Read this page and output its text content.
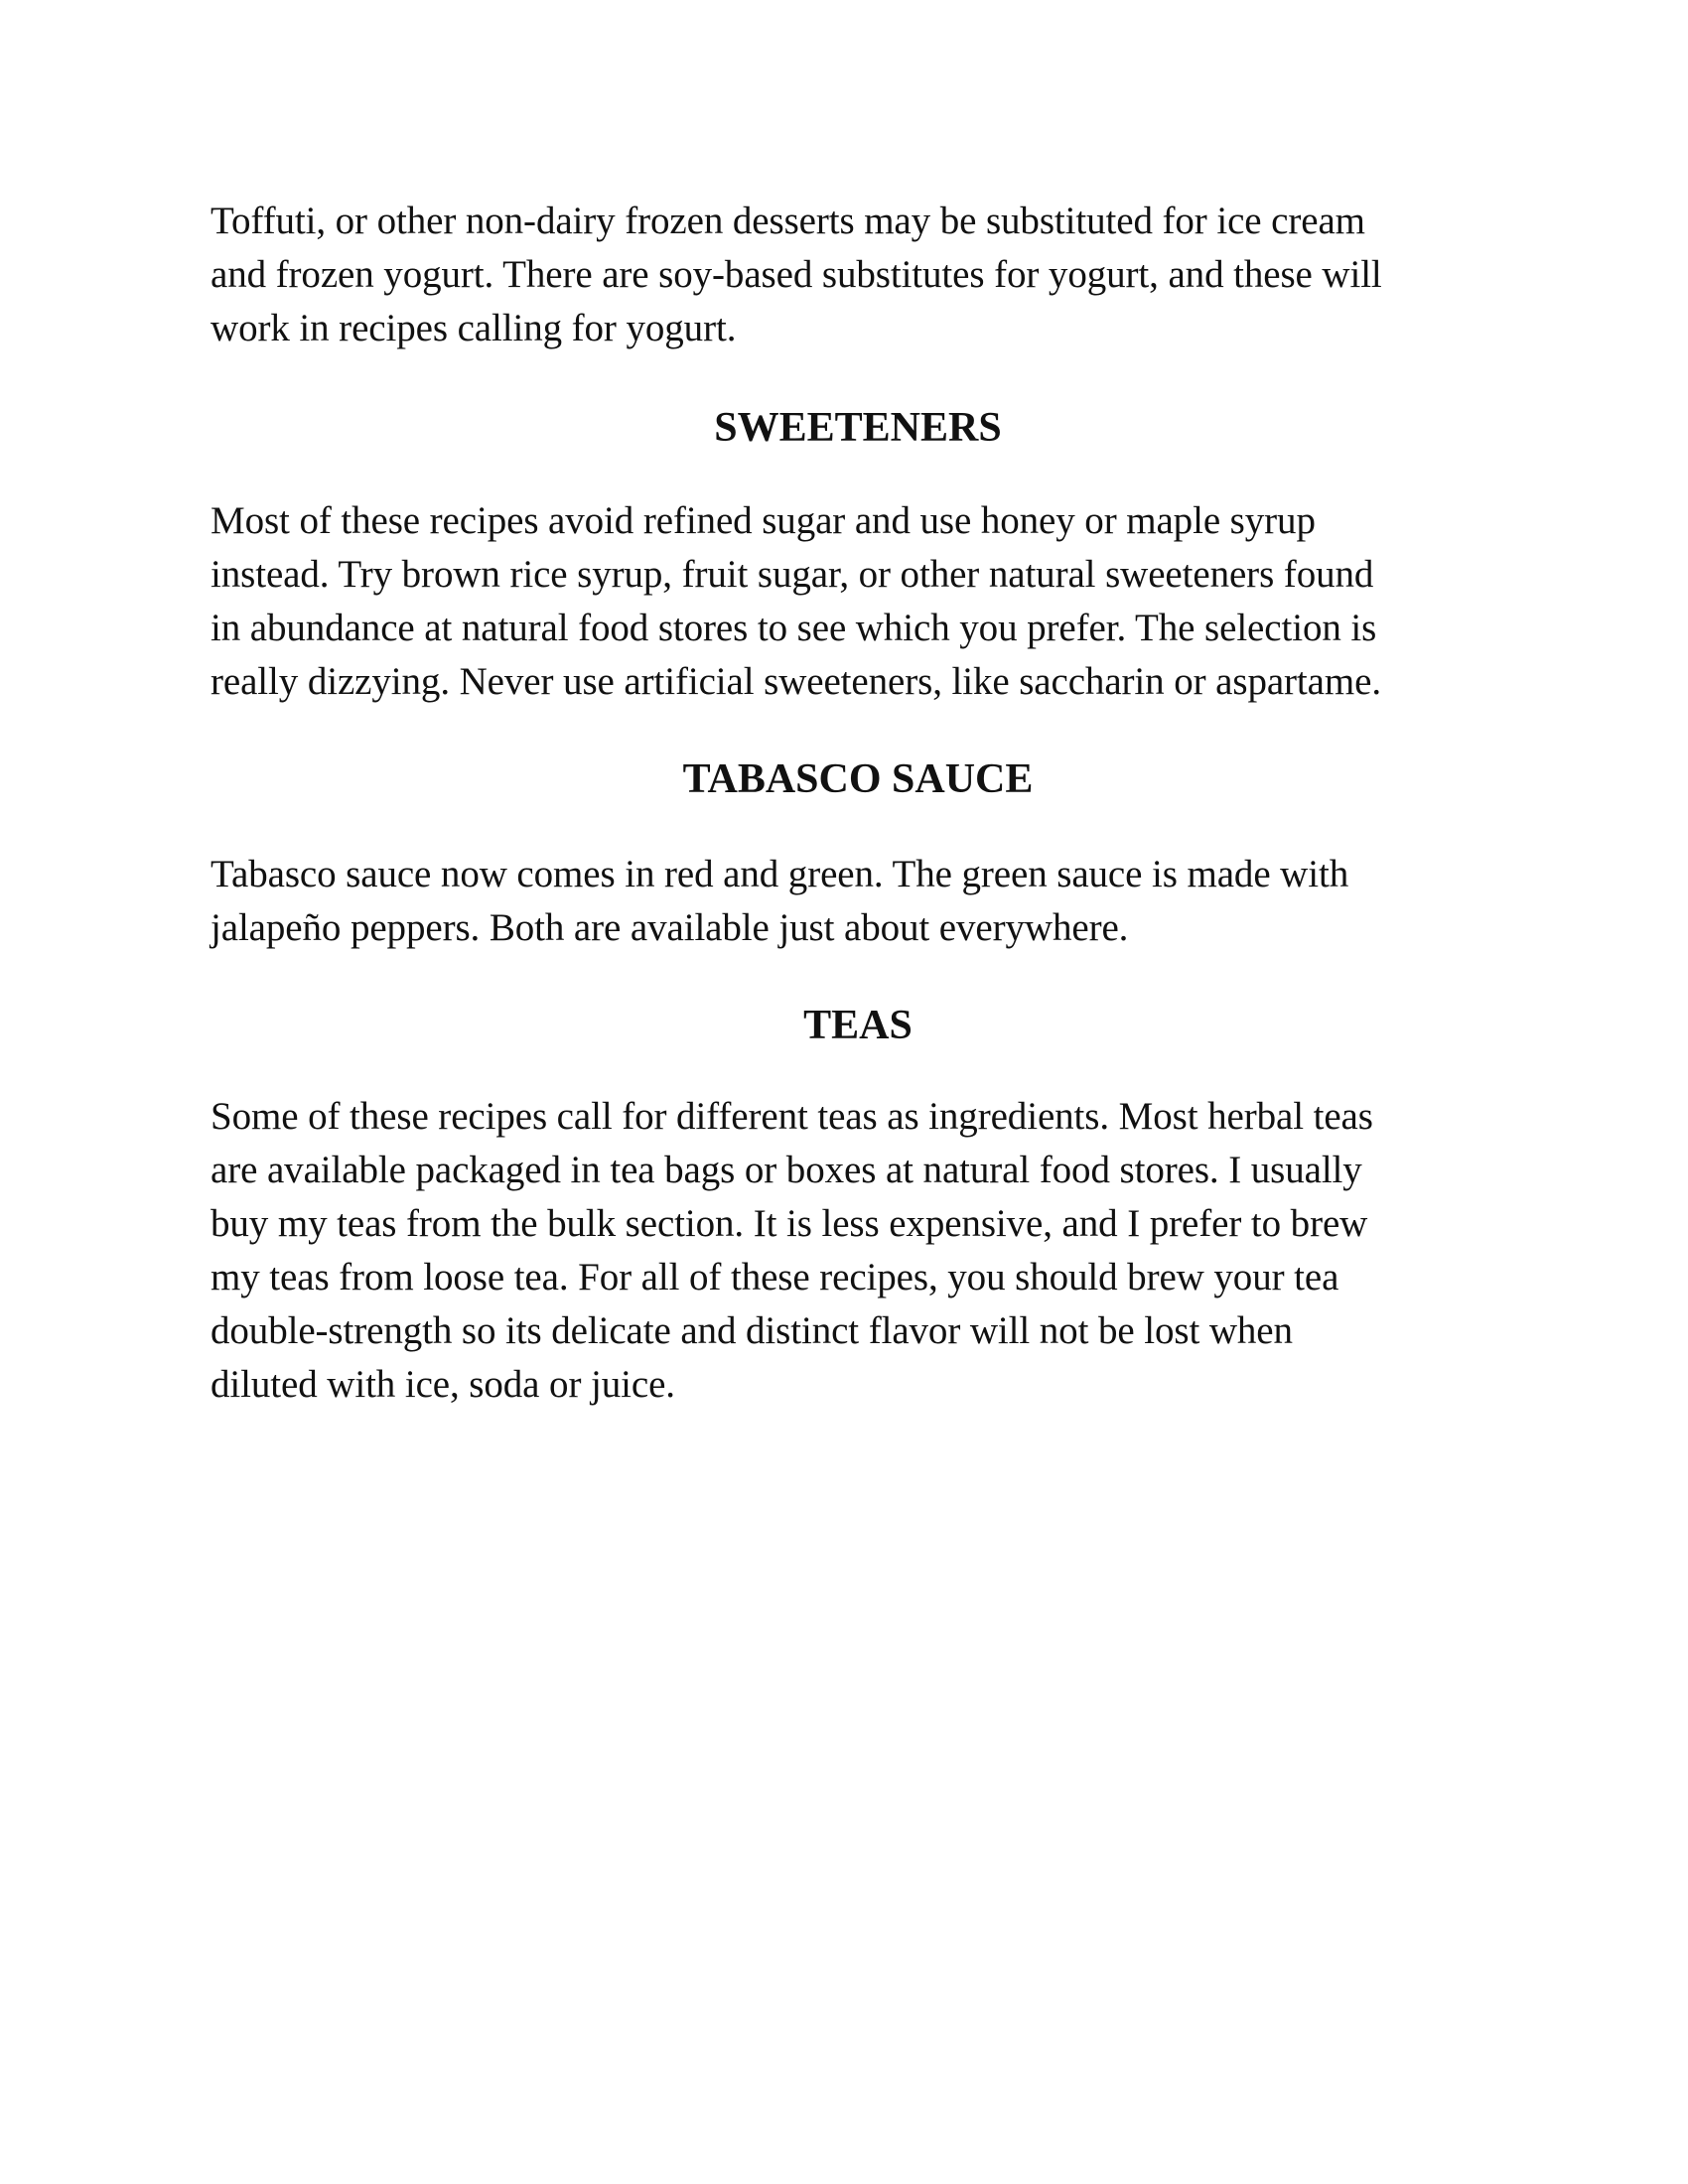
Toffuti, or other non-dairy frozen desserts may be substituted for ice cream
and frozen yogurt. There are soy-based substitutes for yogurt, and these will
work in recipes calling for yogurt.

SWEETENERS

Most of these recipes avoid refined sugar and use honey or maple syrup
instead. Try brown rice syrup, fruit sugar, or other natural sweeteners found
in abundance at natural food stores to see which you prefer. The selection is
really dizzying. Never use artificial sweeteners, like saccharin or aspartame.

TABASCO SAUCE

Tabasco sauce now comes in red and green. The green sauce is made with
jalapeño peppers. Both are available just about everywhere.

TEAS

Some of these recipes call for different teas as ingredients. Most herbal teas
are available packaged in tea bags or boxes at natural food stores. I usually
buy my teas from the bulk section. It is less expensive, and I prefer to brew
my teas from loose tea. For all of these recipes, you should brew your tea
double-strength so its delicate and distinct flavor will not be lost when
diluted with ice, soda or juice.
